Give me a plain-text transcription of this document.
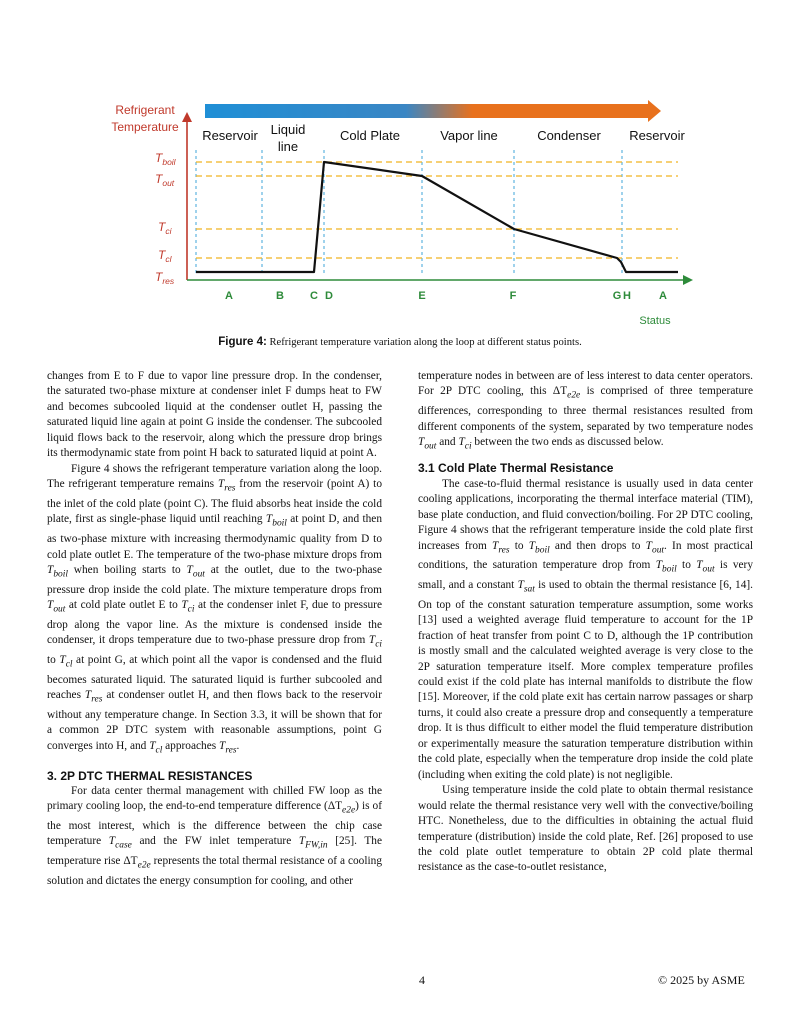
Refrigerant
Temperature
Reservoir Liquid
line
Cold Plate	Vapor line	Condenser Reservoir
$T_{boil}$
$T_{out}$
$T_{ci}$
$T_{cl}$
$T_{res}$
A	B C D	E	F	G H	A
Status
Figure 4: Refrigerant temperature variation along the loop at different status points.

changes from E to F due to vapor line pressure drop. In the condenser, the saturated two-phase mixture at condenser inlet F dumps heat to FW and becomes subcooled liquid at the condenser outlet H, passing the saturated liquid line again at point G inside the condenser. The subcooled liquid flows back to the reservoir, along which the pressure drop brings its thermodynamic state from point H back to saturated liquid at point A.

Figure 4 shows the refrigerant temperature variation along the loop. The refrigerant temperature remains $T_{res}$ from the reservoir (point A) to the inlet of the cold plate (point C). The fluid absorbs heat inside the cold plate, first as single-phase liquid until reaching $T_{boil}$ at point D, and then as two-phase mixture with increasing thermodynamic quality from D to cold plate outlet E. The temperature of the two-phase mixture drops from $T_{boil}$ when boiling starts to $T_{out}$ at the outlet, due to the two-phase pressure drop inside the cold plate. The mixture temperature drops from $T_{out}$ at cold plate outlet E to $T_{ci}$ at the condenser inlet F, due to pressure drop along the vapor line. As the mixture is condensed inside the condenser, it drops temperature due to two-phase pressure drop from $T_{ci}$ to $T_{cl}$ at point G, at which point all the vapor is condensed and the fluid becomes saturated liquid. The saturated liquid is further subcooled and reaches $T_{res}$ at condenser outlet H, and then flows back to the reservoir without any temperature change. In Section 3.3, it will be shown that for a common 2P DTC system with reasonable assumptions, point G converges into H, and $T_{cl}$ approaches $T_{res}$.

3. 2P DTC THERMAL RESISTANCES

For data center thermal management with chilled FW loop as the primary cooling loop, the end-to-end temperature difference $(\Delta T_{e2e})$ is of the most interest, which is the difference between the chip case temperature $T_{case}$ and the FW inlet temperature $T_{FW,in}$ [25]. The temperature rise $\Delta T_{e2e}$ represents the total thermal resistance of a cooling solution and dictates the energy consumption for cooling, and other

temperature nodes in between are of less interest to data center operators. For 2P DTC cooling, this $\Delta T_{e2e}$ is comprised of three temperature differences, corresponding to three thermal resistances resulted from different components of the system, separated by two temperature nodes $T_{out}$ and $T_{ci}$ between the two ends as discussed below.

3.1 Cold Plate Thermal Resistance

The case-to-fluid thermal resistance is usually used in data center cooling applications, incorporating the thermal interface material (TIM), base plate conduction, and fluid convection/boiling. For 2P DTC cooling, Figure 4 shows that the refrigerant temperature inside the cold plate first increases from $T_{res}$ to $T_{boil}$ and then drops to $T_{out}$. In most practical conditions, the saturation temperature drop from $T_{boil}$ to $T_{out}$ is very small, and a constant $T_{sat}$ is used to obtain the thermal resistance [6, 14]. On top of the constant saturation temperature assumption, some works [13] used a weighted average fluid temperature to account for the 1P fraction of heat transfer from point C to D, although the 1P contribution is mostly small and the calculated weighted average is very close to the 2P saturation temperature itself. More complex temperature profiles could exist if the cold plate has internal manifolds to distribute the flow [15]. Moreover, if the cold plate exit has certain narrow passages or sharp turns, it could also create a pressure drop and consequently a temperature drop. It is thus difficult to either model the fluid temperature distribution or experimentally measure the saturation temperature distribution within the cold plate, especially when the temperature drop inside the cold plate (including when exiting the cold plate) is not negligible.

Using temperature inside the cold plate to obtain thermal resistance would relate the thermal resistance very well with the convective/boiling HTC. Nonetheless, due to the difficulties in obtaining the actual fluid temperature (distribution) inside the cold plate, Ref. [26] proposed to use the cold plate outlet temperature to obtain 2P cold plate thermal resistance as the case-to-outlet resistance,

4	© 2025 by ASME
